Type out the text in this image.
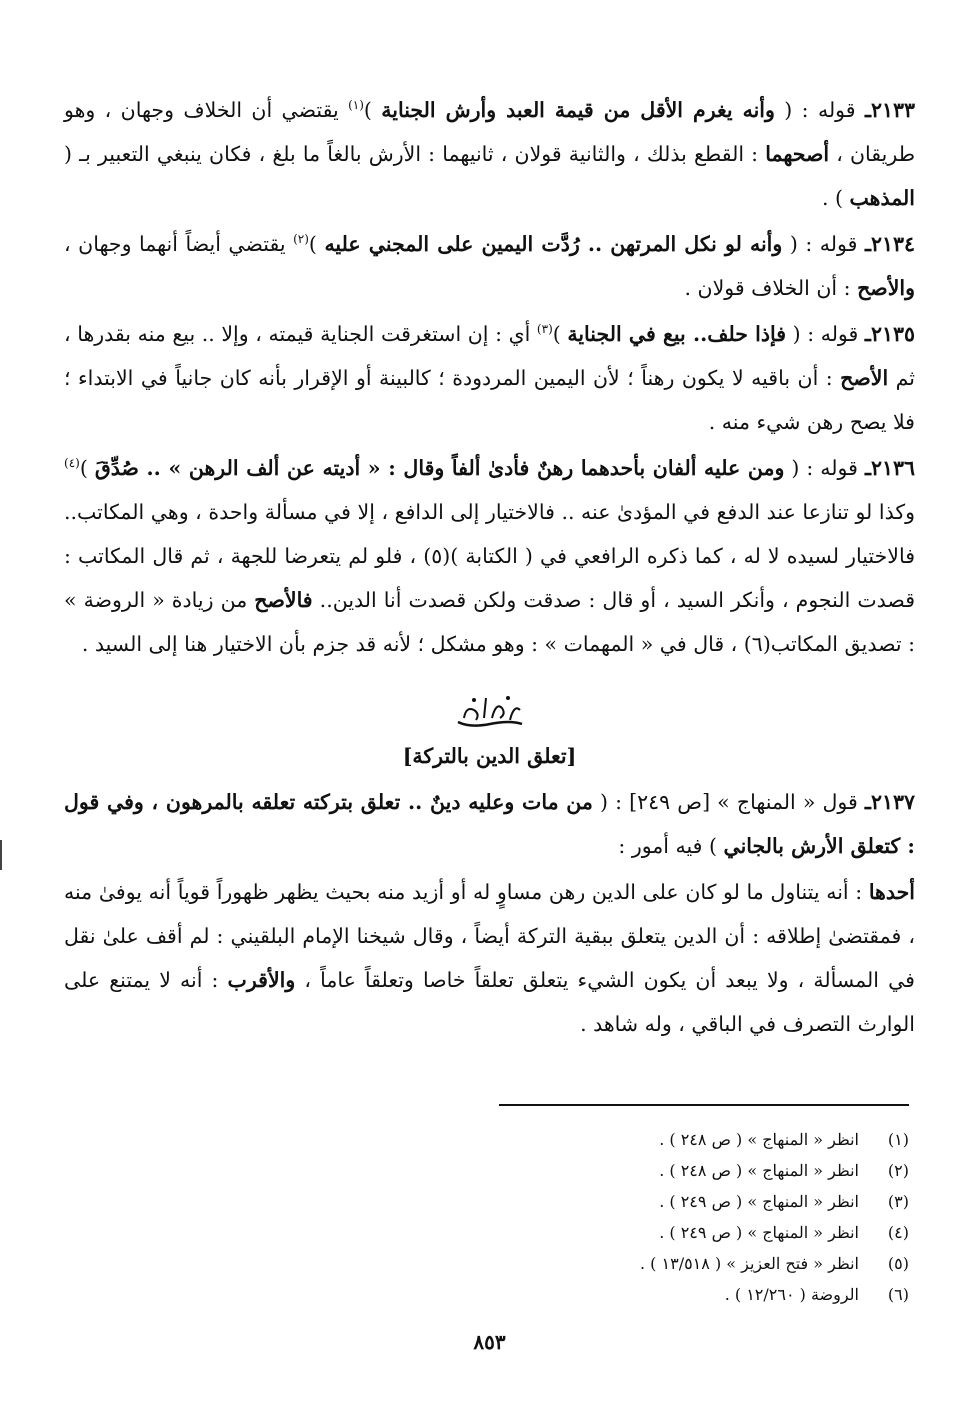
٢١٣٣ـ قوله : ( وأنه يغرم الأقل من قيمة العبد وأرش الجناية )$^{(١)}$ يقتضي أن الخلاف وجهان ، وهو طريقان ، أصحهما : القطع بذلك ، والثانية قولان ، ثانيهما : الأرش بالغاً ما بلغ ، فكان ينبغي التعبير بـ ( المذهب ) .

٢١٣٤ـ قوله : ( وأنه لو نكل المرتهن .. رُدَّت اليمين على المجني عليه )$^{(٢)}$ يقتضي أيضاً أنهما وجهان ، والأصح : أن الخلاف قولان .

٢١٣٥ـ قوله : ( فإذا حلف.. بيع في الجناية )$^{(٣)}$ أي : إن استغرقت الجناية قيمته ، وإلا .. بيع منه بقدرها ، ثم الأصح : أن باقيه لا يكون رهناً ؛ لأن اليمين المردودة ؛ كالبينة أو الإقرار بأنه كان جانياً في الابتداء ؛ فلا يصح رهن شيء منه .

٢١٣٦ـ قوله : ( ومن عليه ألفان بأحدهما رهنٌ فأدىٰ ألفاً وقال : « أديته عن ألف الرهن » .. صُدِّقَ )$^{(٤)}$ وكذا لو تنازعا عند الدفع في المؤدىٰ عنه .. فالاختيار إلى الدافع ، إلا في مسألة واحدة ، وهي المكاتب.. فالاختيار لسيده لا له ، كما ذكره الرافعي في ( الكتابة )(٥) ، فلو لم يتعرضا للجهة ، ثم قال المكاتب : قصدت النجوم ، وأنكر السيد ، أو قال : صدقت ولكن قصدت أنا الدين.. فالأصح من زيادة « الروضة » : تصديق المكاتب(٦) ، قال في « المهمات » : وهو مشكل ؛ لأنه قد جزم بأن الاختيار هنا إلى السيد .

[تعلق الدين بالتركة]

٢١٣٧ـ قول « المنهاج » [ص ٢٤٩] : ( من مات وعليه دينٌ .. تعلق بتركته تعلقه بالمرهون ، وفي قول : كتعلق الأرش بالجاني ) فيه أمور :

أحدها : أنه يتناول ما لو كان على الدين رهن مساوٍ له أو أزيد منه بحيث يظهر ظهوراً قوياً أنه يوفىٰ منه ، فمقتضىٰ إطلاقه : أن الدين يتعلق ببقية التركة أيضاً ، وقال شيخنا الإمام البلقيني : لم أقف علىٰ نقل في المسألة ، ولا يبعد أن يكون الشيء يتعلق تعلقاً خاصا وتعلقاً عاماً ، والأقرب : أنه لا يمتنع على الوارث التصرف في الباقي ، وله شاهد .

(١)
انظر « المنهاج » ( ص ٢٤٨ ) .
(٢)
انظر « المنهاج » ( ص ٢٤٨ ) .
(٣)
انظر « المنهاج » ( ص ٢٤٩ ) .
(٤)
انظر « المنهاج » ( ص ٢٤٩ ) .
(٥)
انظر « فتح العزيز » ( ١٣/٥١٨ ) .
(٦)
الروضة ( ١٢/٢٦٠ ) .
٨٥٣
